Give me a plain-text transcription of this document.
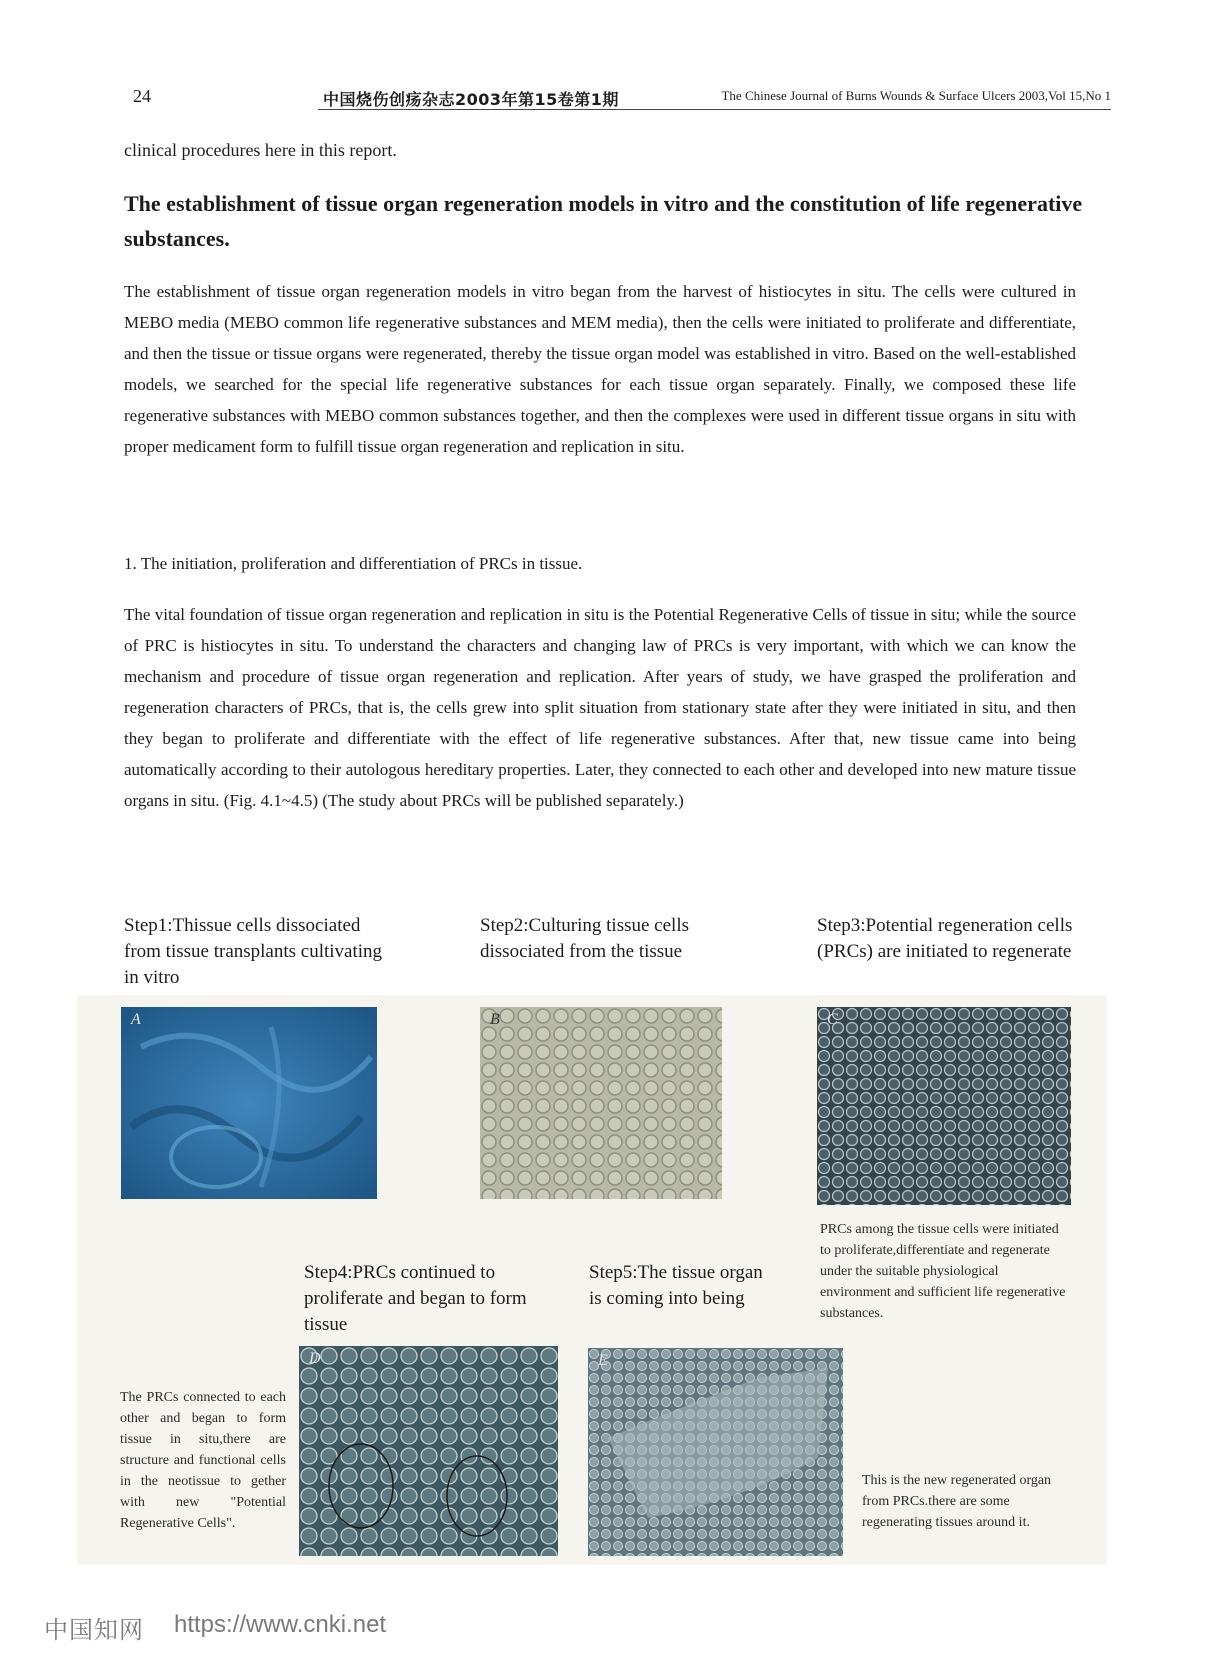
24	中国烧伤创疡杂志2003年第15卷第1期	The Chinese Journal of Burns Wounds & Surface Ulcers 2003,Vol 15,No 1
clinical procedures here in this report.
The establishment of tissue organ regeneration models in vitro and the constitution of life regenerative substances.

The establishment of tissue organ regeneration models in vitro began from the harvest of histiocytes in situ. The cells were cultured in MEBO media (MEBO common life regenerative substances and MEM media), then the cells were initiated to proliferate and differentiate, and then the tissue or tissue organs were regenerated, thereby the tissue organ model was established in vitro. Based on the well-established models, we searched for the special life regenerative substances for each tissue organ separately. Finally, we composed these life regenerative substances with MEBO common substances together, and then the complexes were used in different tissue organs in situ with proper medicament form to fulfill tissue organ regeneration and replication in situ.

1. The initiation, proliferation and differentiation of PRCs in tissue.

The vital foundation of tissue organ regeneration and replication in situ is the Potential Regenerative Cells of tissue in situ; while the source of PRC is histiocytes in situ. To understand the characters and changing law of PRCs is very important, with which we can know the mechanism and procedure of tissue organ regeneration and replication. After years of study, we have grasped the proliferation and regeneration characters of PRCs, that is, the cells grew into split situation from stationary state after they were initiated in situ, and then they began to proliferate and differentiate with the effect of life regenerative substances. After that, new tissue came into being automatically according to their autologous hereditary properties. Later, they connected to each other and developed into new mature tissue organs in situ. (Fig. 4.1~4.5) (The study about PRCs will be published separately.)

Step1:Thissue cells dissociated from tissue transplants cultivating in vitro
Step2:Culturing tissue cells dissociated from the tissue
Step3:Potential regeneration cells (PRCs) are initiated to regenerate
A	B	C
PRCs among the tissue cells were initiated to proliferate,differentiate and regenerate under the suitable physiological environment and sufficient life regenerative substances.
Step4:PRCs continued to proliferate and began to form tissue
Step5:The tissue organ is coming into being
The PRCs connected to each other and began to form tissue in situ,there are structure and functional cells in the neotissue to gether with new "Potential Regenerative Cells".
D	E
This is the new regenerated organ from PRCs.there are some regenerating tissues around it.
中国知网 https://www.cnki.net
